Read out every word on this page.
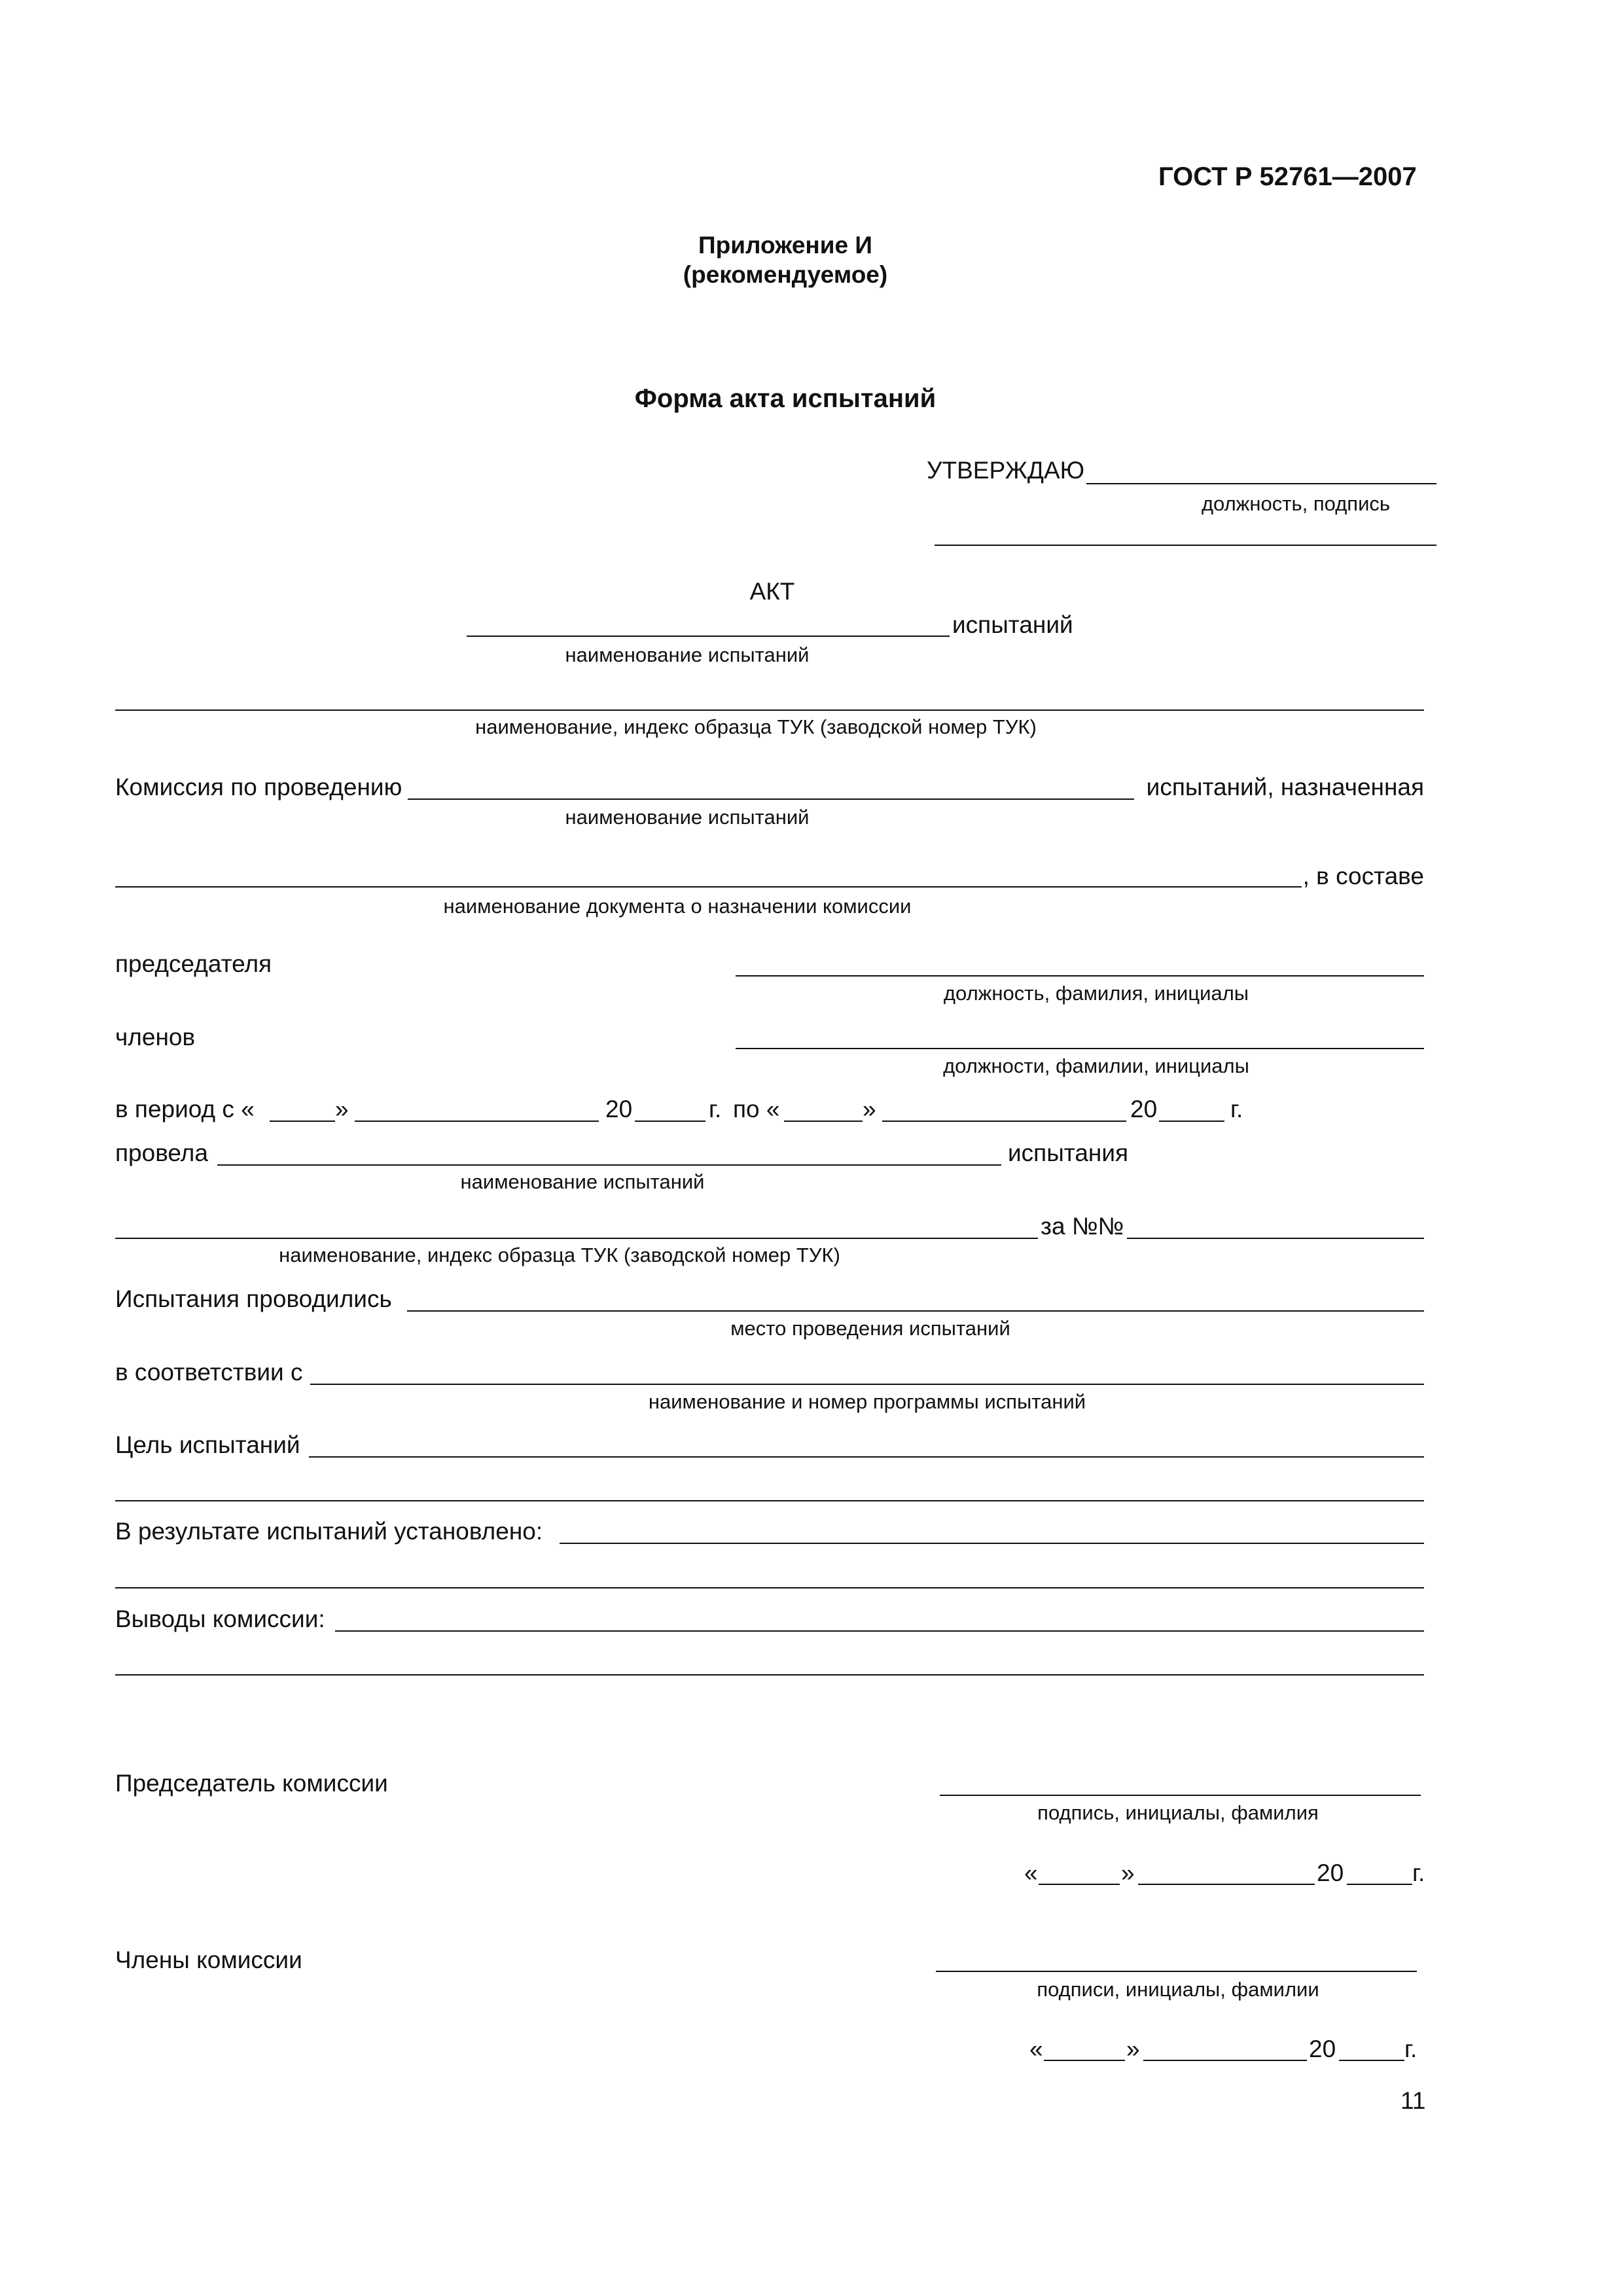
ГОСТ Р 52761—2007
Приложение И
(рекомендуемое)
Форма акта испытаний
УТВЕРЖДАЮ
должность, подпись
АКТ
испытаний
наименование испытаний
наименование, индекс образца ТУК (заводской номер ТУК)
Комиссия по проведению	испытаний, назначенная
наименование испытаний
, в составе
наименование документа о назначении комиссии
председателя
должность, фамилия, инициалы
членов
должности, фамилии, инициалы
в период с «	»	20	г. по «	»	20	г.
провела	испытания
наименование испытаний
за №№
наименование, индекс образца ТУК (заводской номер ТУК)
Испытания проводились
место проведения испытаний
в соответствии с
наименование и номер программы испытаний
Цель испытаний
В результате испытаний установлено:
Выводы комиссии:
Председатель комиссии
подпись, инициалы, фамилия
«	»	20	г.
Члены комиссии
подписи, инициалы, фамилии
«	»	20	г.
11
